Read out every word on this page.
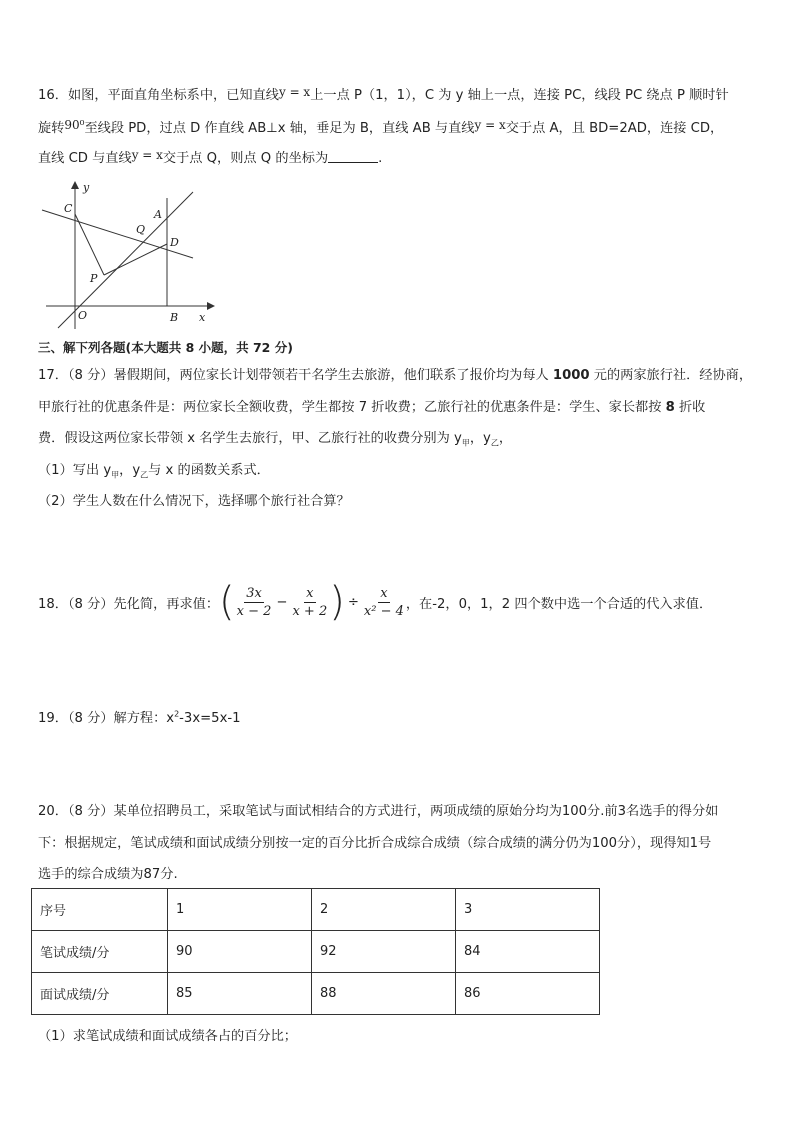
16．如图，平面直角坐标系中，已知直线y = x上一点 P（1，1），C 为 y 轴上一点，连接 PC，线段 PC 绕点 P 顺时针
旋转90⁰至线段 PD，过点 D 作直线 AB⊥x 轴，垂足为 B，直线 AB 与直线y = x交于点 A，且 BD=2AD，连接 CD，
直线 CD 与直线y = x交于点 Q，则点 Q 的坐标为	.
y
C	A
Q
D
P
O	B x
三、解下列各题(本大题共 8 小题，共 72 分)
17．（8 分）暑假期间，两位家长计划带领若干名学生去旅游，他们联系了报价均为每人 1000 元的两家旅行社．经协商，
甲旅行社的优惠条件是：两位家长全额收费，学生都按 7 折收费；乙旅行社的优惠条件是：学生、家长都按 8 折收
费．假设这两位家长带领 x 名学生去旅行，甲、乙旅行社的收费分别为 $y_甲$，$y_乙$，
（1）写出 $y_甲$，$y_乙$与 x 的函数关系式．
（2）学生人数在什么情况下，选择哪个旅行社合算？
18．（8 分）先化简，再求值： ( $\frac{3x}{x - 2} - \frac{x}{x + 2}$ ) ÷ $\frac{x}{\text{x² − 4}}$ ，在-2，0，1，2 四个数中选一个合适的代入求值．
19．（8 分）解方程：$x^2-3x=5x-1$
20．（8 分）某单位招聘员工，采取笔试与面试相结合的方式进行，两项成绩的原始分均为100分.前3名选手的得分如
下：根据规定，笔试成绩和面试成绩分别按一定的百分比折合成综合成绩（综合成绩的满分仍为100分），现得知1号
选手的综合成绩为87分.
序号	1	2	3
笔试成绩/分	90	92	84
面试成绩/分	85	88	86
（1）求笔试成绩和面试成绩各占的百分比；
